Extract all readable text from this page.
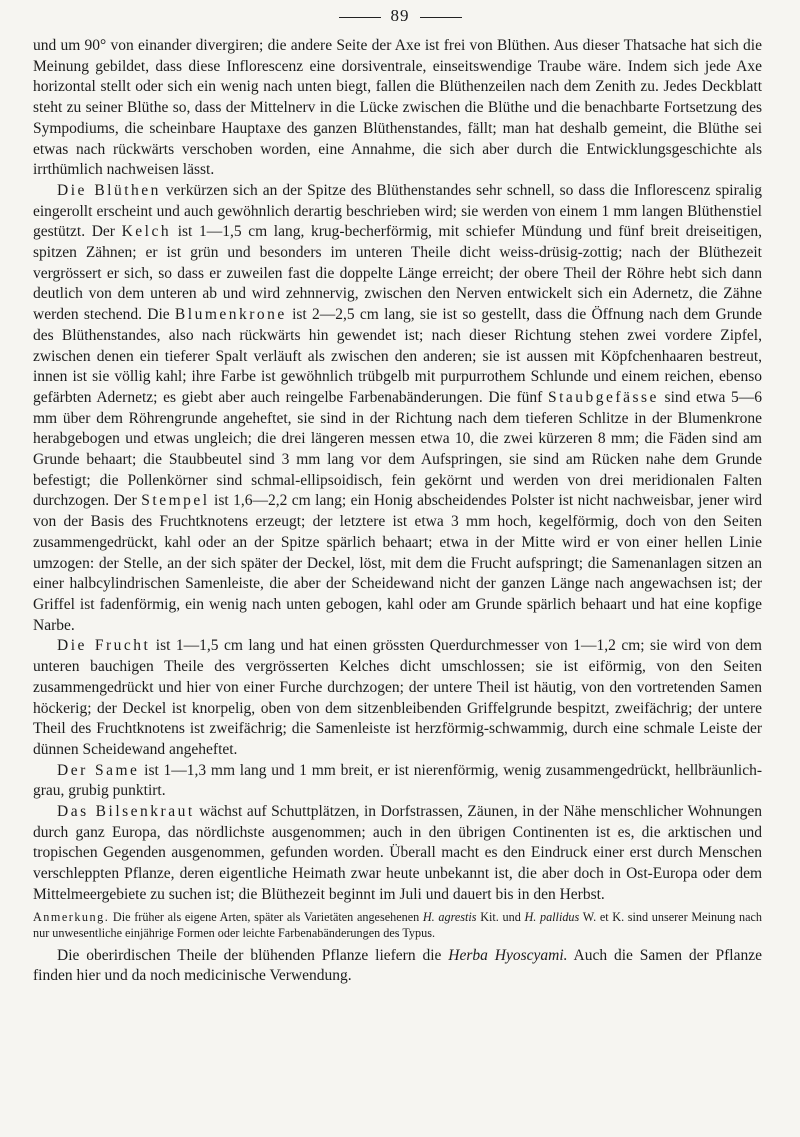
89

und um 90° von einander divergiren; die andere Seite der Axe ist frei von Blüthen. Aus dieser Thatsache hat sich die Meinung gebildet, dass diese Inflorescenz eine dorsiventrale, einseitswendige Traube wäre. Indem sich jede Axe horizontal stellt oder sich ein wenig nach unten biegt, fallen die Blüthenzeilen nach dem Zenith zu. Jedes Deckblatt steht zu seiner Blüthe so, dass der Mittelnerv in die Lücke zwischen die Blüthe und die benachbarte Fortsetzung des Sympodiums, die scheinbare Hauptaxe des ganzen Blüthenstandes, fällt; man hat deshalb gemeint, die Blüthe sei etwas nach rückwärts verschoben worden, eine Annahme, die sich aber durch die Entwicklungsgeschichte als irrthümlich nachweisen lässt.

Die Blüthen verkürzen sich an der Spitze des Blüthenstandes sehr schnell, so dass die Inflorescenz spiralig eingerollt erscheint und auch gewöhnlich derartig beschrieben wird; sie werden von einem 1 mm langen Blüthenstiel gestützt. Der Kelch ist 1—1,5 cm lang, krug-becherförmig, mit schiefer Mündung und fünf breit dreiseitigen, spitzen Zähnen; er ist grün und besonders im unteren Theile dicht weiss-drüsig-zottig; nach der Blüthezeit vergrössert er sich, so dass er zuweilen fast die doppelte Länge erreicht; der obere Theil der Röhre hebt sich dann deutlich von dem unteren ab und wird zehnnervig, zwischen den Nerven entwickelt sich ein Adernetz, die Zähne werden stechend. Die Blumenkrone ist 2—2,5 cm lang, sie ist so gestellt, dass die Öffnung nach dem Grunde des Blüthenstandes, also nach rückwärts hin gewendet ist; nach dieser Richtung stehen zwei vordere Zipfel, zwischen denen ein tieferer Spalt verläuft als zwischen den anderen; sie ist aussen mit Köpfchenhaaren bestreut, innen ist sie völlig kahl; ihre Farbe ist gewöhnlich trübgelb mit purpurrothem Schlunde und einem reichen, ebenso gefärbten Adernetz; es giebt aber auch reingelbe Farbenabänderungen. Die fünf Staubgefässe sind etwa 5—6 mm über dem Röhrengrunde angeheftet, sie sind in der Richtung nach dem tieferen Schlitze in der Blumenkrone herabgebogen und etwas ungleich; die drei längeren messen etwa 10, die zwei kürzeren 8 mm; die Fäden sind am Grunde behaart; die Staubbeutel sind 3 mm lang vor dem Aufspringen, sie sind am Rücken nahe dem Grunde befestigt; die Pollenkörner sind schmal-ellipsoidisch, fein gekörnt und werden von drei meridionalen Falten durchzogen. Der Stempel ist 1,6—2,2 cm lang; ein Honig abscheidendes Polster ist nicht nachweisbar, jener wird von der Basis des Fruchtknotens erzeugt; der letztere ist etwa 3 mm hoch, kegelförmig, doch von den Seiten zusammengedrückt, kahl oder an der Spitze spärlich behaart; etwa in der Mitte wird er von einer hellen Linie umzogen: der Stelle, an der sich später der Deckel, löst, mit dem die Frucht aufspringt; die Samenanlagen sitzen an einer halbcylindrischen Samenleiste, die aber der Scheidewand nicht der ganzen Länge nach angewachsen ist; der Griffel ist fadenförmig, ein wenig nach unten gebogen, kahl oder am Grunde spärlich behaart und hat eine kopfige Narbe.

Die Frucht ist 1—1,5 cm lang und hat einen grössten Querdurchmesser von 1—1,2 cm; sie wird von dem unteren bauchigen Theile des vergrösserten Kelches dicht umschlossen; sie ist eiförmig, von den Seiten zusammengedrückt und hier von einer Furche durchzogen; der untere Theil ist häutig, von den vortretenden Samen höckerig; der Deckel ist knorpelig, oben von dem sitzenbleibenden Griffelgrunde bespitzt, zweifächrig; der untere Theil des Fruchtknotens ist zweifächrig; die Samenleiste ist herzförmig-schwammig, durch eine schmale Leiste der dünnen Scheidewand angeheftet.

Der Same ist 1—1,3 mm lang und 1 mm breit, er ist nierenförmig, wenig zusammengedrückt, hellbräunlich-grau, grubig punktirt.

Das Bilsenkraut wächst auf Schuttplätzen, in Dorfstrassen, Zäunen, in der Nähe menschlicher Wohnungen durch ganz Europa, das nördlichste ausgenommen; auch in den übrigen Continenten ist es, die arktischen und tropischen Gegenden ausgenommen, gefunden worden. Überall macht es den Eindruck einer erst durch Menschen verschleppten Pflanze, deren eigentliche Heimath zwar heute unbekannt ist, die aber doch in Ost-Europa oder dem Mittelmeergebiete zu suchen ist; die Blüthezeit beginnt im Juli und dauert bis in den Herbst.

Anmerkung. Die früher als eigene Arten, später als Varietäten angesehenen H. agrestis Kit. und H. pallidus W. et K. sind unserer Meinung nach nur unwesentliche einjährige Formen oder leichte Farbenabänderungen des Typus.

Die oberirdischen Theile der blühenden Pflanze liefern die Herba Hyoscyami. Auch die Samen der Pflanze finden hier und da noch medicinische Verwendung.
